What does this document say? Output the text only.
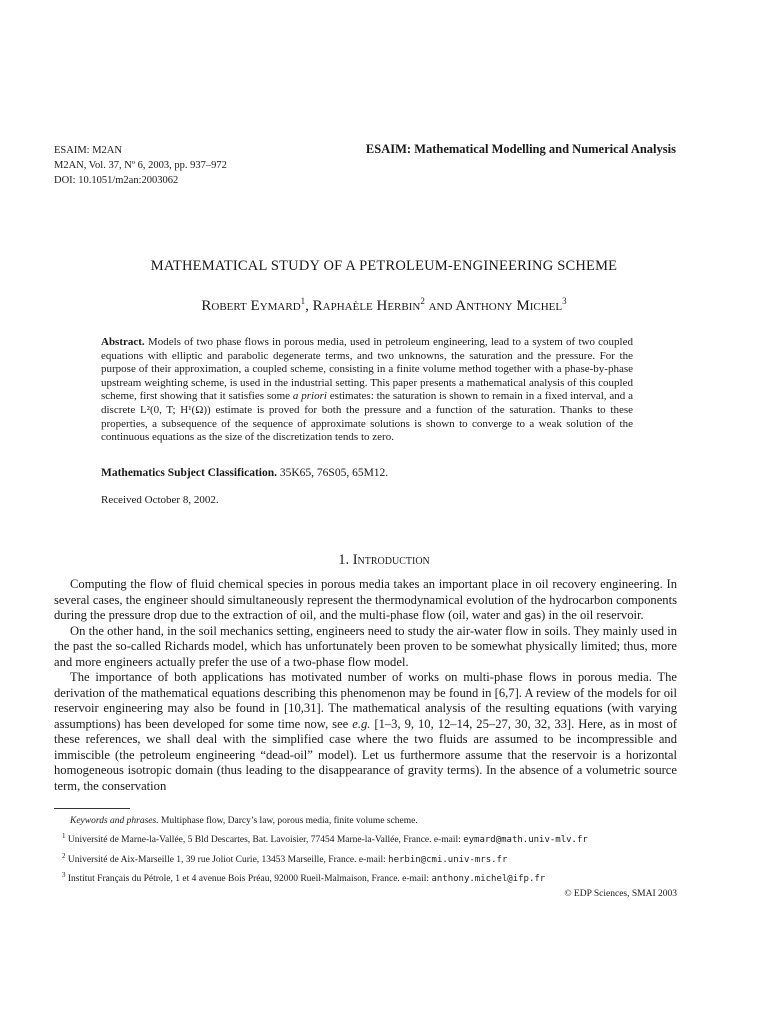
ESAIM: M2AN
M2AN, Vol. 37, Nº 6, 2003, pp. 937–972
DOI: 10.1051/m2an:2003062
ESAIM: Mathematical Modelling and Numerical Analysis
MATHEMATICAL STUDY OF A PETROLEUM-ENGINEERING SCHEME
Robert Eymard$^1$, Raphaèle Herbin$^2$ and Anthony Michel$^3$
Abstract. Models of two phase flows in porous media, used in petroleum engineering, lead to a system of two coupled equations with elliptic and parabolic degenerate terms, and two unknowns, the saturation and the pressure. For the purpose of their approximation, a coupled scheme, consisting in a finite volume method together with a phase-by-phase upstream weighting scheme, is used in the industrial setting. This paper presents a mathematical analysis of this coupled scheme, first showing that it satisfies some a priori estimates: the saturation is shown to remain in a fixed interval, and a discrete L²(0, T; H¹(Ω)) estimate is proved for both the pressure and a function of the saturation. Thanks to these properties, a subsequence of the sequence of approximate solutions is shown to converge to a weak solution of the continuous equations as the size of the discretization tends to zero.
Mathematics Subject Classification. 35K65, 76S05, 65M12.
Received October 8, 2002.
1. Introduction

Computing the flow of fluid chemical species in porous media takes an important place in oil recovery engineering. In several cases, the engineer should simultaneously represent the thermodynamical evolution of the hydrocarbon components during the pressure drop due to the extraction of oil, and the multi-phase flow (oil, water and gas) in the oil reservoir.

On the other hand, in the soil mechanics setting, engineers need to study the air-water flow in soils. They mainly used in the past the so-called Richards model, which has unfortunately been proven to be somewhat physically limited; thus, more and more engineers actually prefer the use of a two-phase flow model.

The importance of both applications has motivated number of works on multi-phase flows in porous media. The derivation of the mathematical equations describing this phenomenon may be found in [6,7]. A review of the models for oil reservoir engineering may also be found in [10,31]. The mathematical analysis of the resulting equations (with varying assumptions) has been developed for some time now, see e.g. [1–3, 9, 10, 12–14, 25–27, 30, 32, 33]. Here, as in most of these references, we shall deal with the simplified case where the two fluids are assumed to be incompressible and immiscible (the petroleum engineering “dead-oil” model). Let us furthermore assume that the reservoir is a horizontal homogeneous isotropic domain (thus leading to the disappearance of gravity terms). In the absence of a volumetric source term, the conservation

Keywords and phrases. Multiphase flow, Darcy’s law, porous media, finite volume scheme.
$^1$ Université de Marne-la-Vallée, 5 Bld Descartes, Bat. Lavoisier, 77454 Marne-la-Vallée, France. e-mail: eymard@math.univ-mlv.fr
$^2$ Université de Aix-Marseille 1, 39 rue Joliot Curie, 13453 Marseille, France. e-mail: herbin@cmi.univ-mrs.fr
$^3$ Institut Français du Pétrole, 1 et 4 avenue Bois Préau, 92000 Rueil-Malmaison, France. e-mail: anthony.michel@ifp.fr
© EDP Sciences, SMAI 2003
